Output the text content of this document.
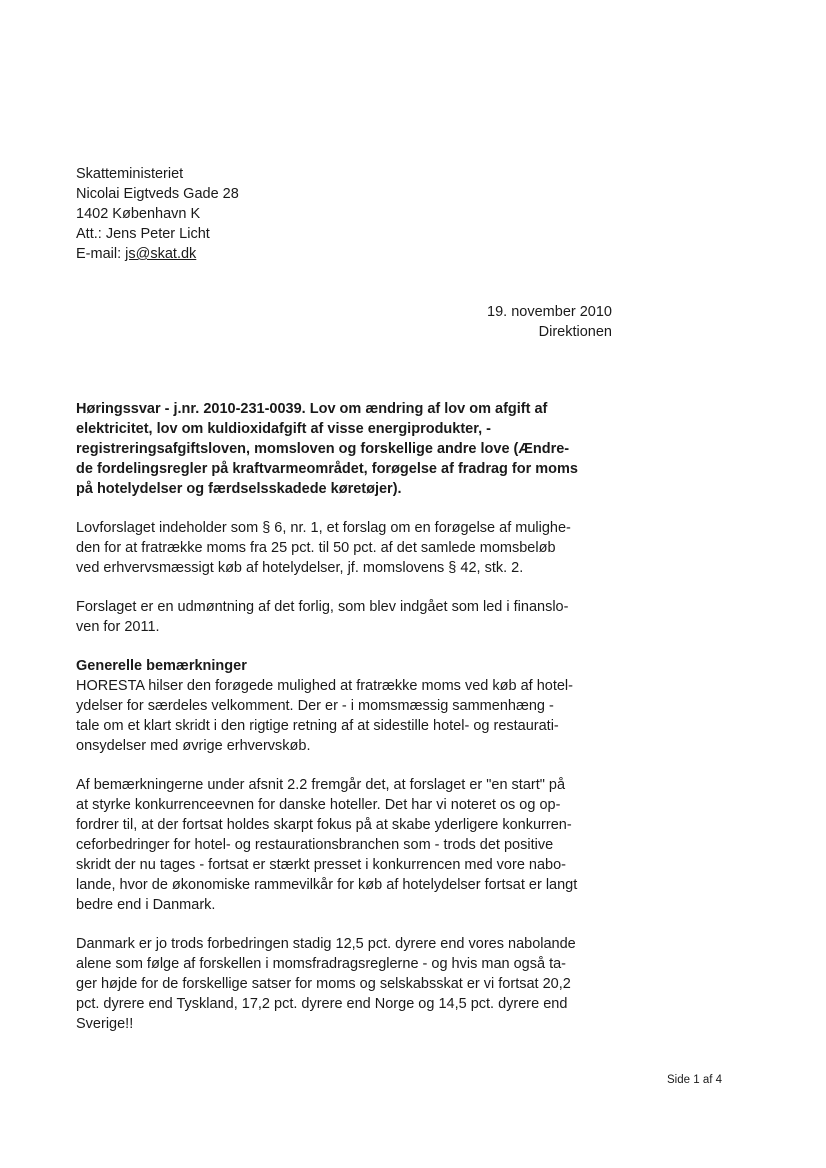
Skatteministeriet
Nicolai Eigtveds Gade 28
1402 København K
Att.: Jens Peter Licht
E-mail: js@skat.dk
19. november 2010
Direktionen
Høringssvar - j.nr. 2010-231-0039. Lov om ændring af lov om afgift af
elektricitet, lov om kuldioxidafgift af visse energiprodukter, -
registreringsafgiftsloven, momsloven og forskellige andre love (Ændre-
de fordelingsregler på kraftvarmeområdet, forøgelse af fradrag for moms
på hotelydelser og færdselsskadede køretøjer).
Lovforslaget indeholder som § 6, nr. 1, et forslag om en forøgelse af mulighe-
den for at fratrække moms fra 25 pct. til 50 pct. af det samlede momsbeløb
ved erhvervsmæssigt køb af hotelydelser, jf. momslovens § 42, stk. 2.
Forslaget er en udmøntning af det forlig, som blev indgået som led i finanslo-
ven for 2011.
Generelle bemærkninger
HORESTA hilser den forøgede mulighed at fratrække moms ved køb af hotel-
ydelser for særdeles velkomment. Der er - i momsmæssig sammenhæng -
tale om et klart skridt i den rigtige retning af at sidestille hotel- og restaurati-
onsydelser med øvrige erhvervskøb.
Af bemærkningerne under afsnit 2.2 fremgår det, at forslaget er "en start" på
at styrke konkurrenceevnen for danske hoteller. Det har vi noteret os og op-
fordrer til, at der fortsat holdes skarpt fokus på at skabe yderligere konkurren-
ceforbedringer for hotel- og restaurationsbranchen som - trods det positive
skridt der nu tages - fortsat er stærkt presset i konkurrencen med vore nabo-
lande, hvor de økonomiske rammevilkår for køb af hotelydelser fortsat er langt
bedre end i Danmark.
Danmark er jo trods forbedringen stadig 12,5 pct. dyrere end vores nabolande
alene som følge af forskellen i momsfradragsreglerne - og hvis man også ta-
ger højde for de forskellige satser for moms og selskabsskat er vi fortsat 20,2
pct. dyrere end Tyskland, 17,2 pct. dyrere end Norge og 14,5 pct. dyrere end
Sverige!!
Side 1 af 4
